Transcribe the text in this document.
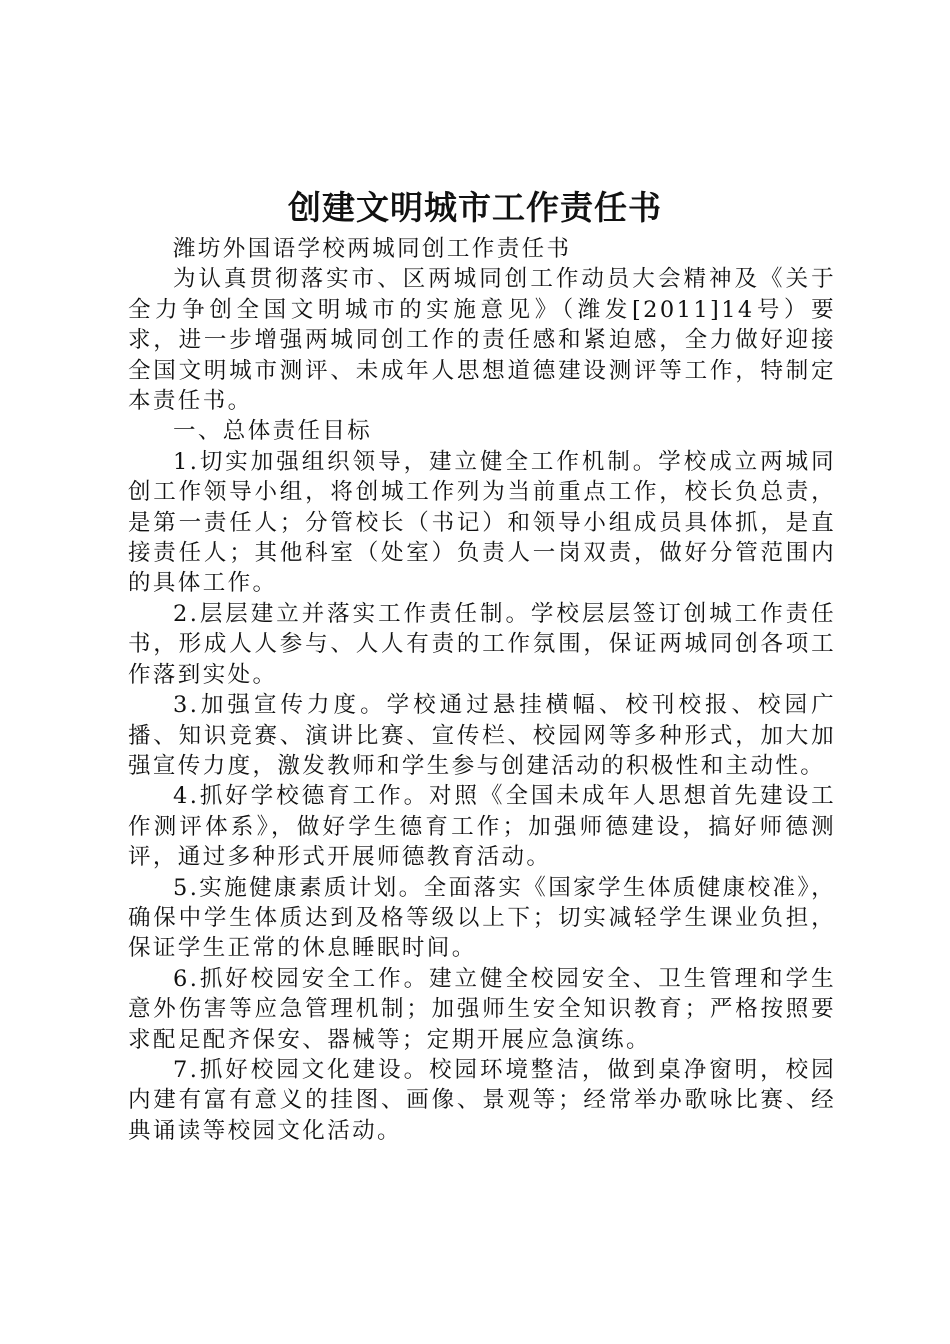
创建文明城市工作责任书

潍坊外国语学校两城同创工作责任书

为认真贯彻落实市、区两城同创工作动员大会精神及《关于全力争创全国文明城市的实施意见》（潍发[2011]14号）要求，进一步增强两城同创工作的责任感和紧迫感，全力做好迎接全国文明城市测评、未成年人思想道德建设测评等工作，特制定本责任书。

一、总体责任目标

1.切实加强组织领导，建立健全工作机制。学校成立两城同创工作领导小组，将创城工作列为当前重点工作，校长负总责，是第一责任人；分管校长（书记）和领导小组成员具体抓，是直接责任人；其他科室（处室）负责人一岗双责，做好分管范围内的具体工作。

2.层层建立并落实工作责任制。学校层层签订创城工作责任书，形成人人参与、人人有责的工作氛围，保证两城同创各项工作落到实处。

3.加强宣传力度。学校通过悬挂横幅、校刊校报、校园广播、知识竞赛、演讲比赛、宣传栏、校园网等多种形式，加大加强宣传力度，激发教师和学生参与创建活动的积极性和主动性。

4.抓好学校德育工作。对照《全国未成年人思想首先建设工作测评体系》，做好学生德育工作；加强师德建设，搞好师德测评，通过多种形式开展师德教育活动。

5.实施健康素质计划。全面落实《国家学生体质健康校准》，确保中学生体质达到及格等级以上下；切实减轻学生课业负担，保证学生正常的休息睡眠时间。

6.抓好校园安全工作。建立健全校园安全、卫生管理和学生意外伤害等应急管理机制；加强师生安全知识教育；严格按照要求配足配齐保安、器械等；定期开展应急演练。

7.抓好校园文化建设。校园环境整洁，做到桌净窗明，校园内建有富有意义的挂图、画像、景观等；经常举办歌咏比赛、经典诵读等校园文化活动。
